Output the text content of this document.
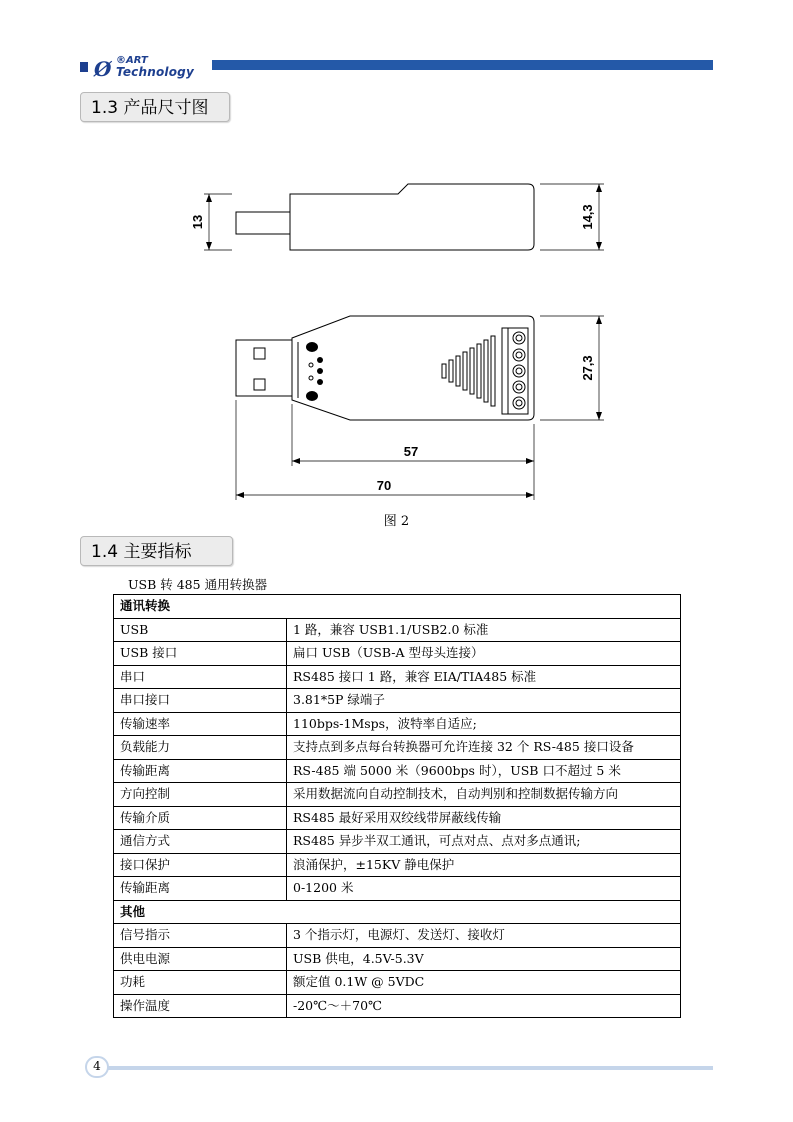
Ø ®ART
Technology
1.3 产品尺寸图
13	14,3
27,3
57
70
图 2
1.4 主要指标
USB 转 485 通用转换器
通讯转换	
USB	1 路，兼容 USB1.1/USB2.0 标准
USB 接口	扁口 USB（USB-A 型母头连接）
串口	RS485 接口 1 路，兼容 EIA/TIA485 标准
串口接口	3.81*5P 绿端子
传输速率	110bps-1Msps，波特率自适应;
负载能力	支持点到多点每台转换器可允许连接 32 个 RS-485 接口设备
传输距离	RS-485 端 5000 米（9600bps 时），USB 口不超过 5 米
方向控制	采用数据流向自动控制技术，自动判别和控制数据传输方向
传输介质	RS485 最好采用双绞线带屏蔽线传输
通信方式	RS485 异步半双工通讯，可点对点、点对多点通讯;
接口保护	浪涌保护，±15KV 静电保护
传输距离	0-1200 米
其他	
信号指示	3 个指示灯，电源灯、发送灯、接收灯
供电电源	USB 供电，4.5V-5.3V
功耗	额定值 0.1W @ 5VDC
操作温度	-20℃～＋70℃
4
